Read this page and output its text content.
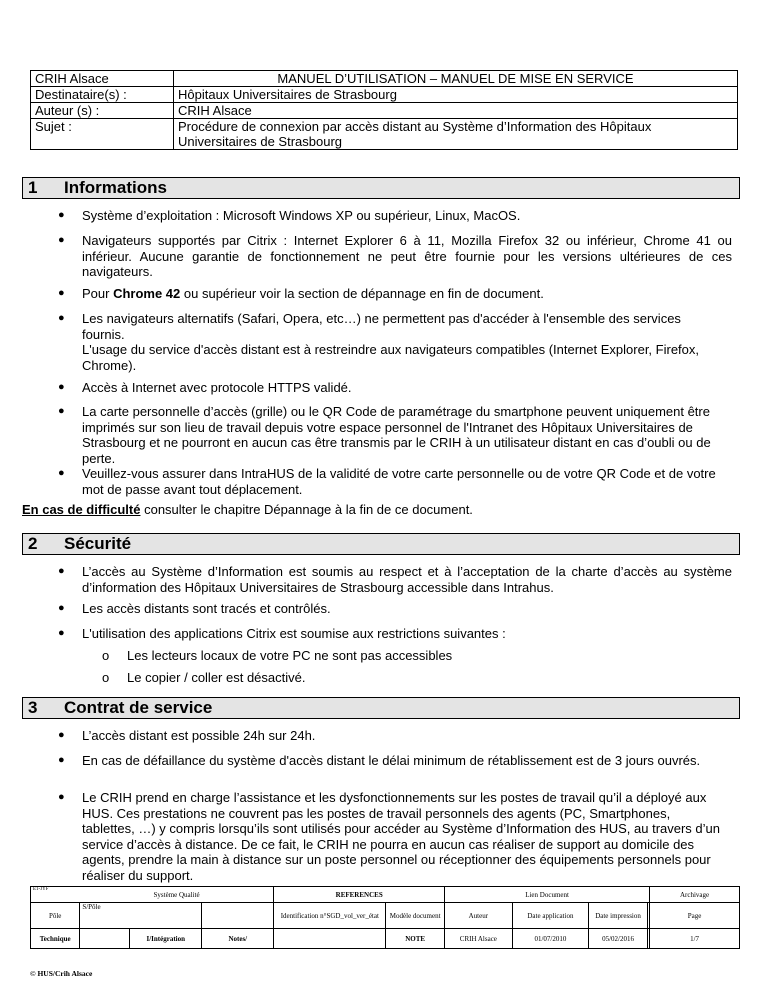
CRIH Alsace	MANUEL D’UTILISATION – MANUEL DE MISE EN SERVICE
Destinataire(s) :	Hôpitaux Universitaires de Strasbourg
Auteur (s) :	CRIH Alsace
Sujet :	Procédure de connexion par accès distant au Système d’Information des Hôpitaux Universitaires de Strasbourg
1 Informations
● Système d’exploitation : Microsoft Windows XP ou supérieur, Linux, MacOS.
● Navigateurs supportés par Citrix : Internet Explorer 6 à 11, Mozilla Firefox 32 ou inférieur, Chrome 41 ou inférieur. Aucune garantie de fonctionnement ne peut être fournie pour les versions ultérieures de ces navigateurs.
● Pour Chrome 42 ou supérieur voir la section de dépannage en fin de document.
● Les navigateurs alternatifs (Safari, Opera, etc…) ne permettent pas d'accéder à l'ensemble des services fournis.
L'usage du service d'accès distant est à restreindre aux navigateurs compatibles (Internet Explorer, Firefox, Chrome).
● Accès à Internet avec protocole HTTPS validé.
● La carte personnelle d’accès (grille) ou le QR Code de paramétrage du smartphone peuvent uniquement être imprimés sur son lieu de travail depuis votre espace personnel de l'Intranet des Hôpitaux Universitaires de Strasbourg et ne pourront en aucun cas être transmis par le CRIH à un utilisateur distant en cas d’oubli ou de perte.
● Veuillez-vous assurer dans IntraHUS de la validité de votre carte personnelle ou de votre QR Code et de votre mot de passe avant tout déplacement.
En cas de difficulté consulter le chapitre Dépannage à la fin de ce document.
2 Sécurité
● L’accès au Système d’Information est soumis au respect et à l’acceptation de la charte d’accès au système d’information des Hôpitaux Universitaires de Strasbourg accessible dans Intrahus.
● Les accès distants sont tracés et contrôlés.
● L'utilisation des applications Citrix est soumise aux restrictions suivantes :
o Les lecteurs locaux de votre PC ne sont pas accessibles
o Le copier / coller est désactivé.
3 Contrat de service
● L’accès distant est possible 24h sur 24h.
● En cas de défaillance du système d'accès distant le délai minimum de rétablissement est de 3 jours ouvrés.
● Le CRIH prend en charge l’assistance et les dysfonctionnements sur les postes de travail qu’il a déployé aux HUS. Ces prestations ne couvrent pas les postes de travail personnels des agents (PC, Smartphones, tablettes, …) y compris lorsqu’ils sont utilisés pour accéder au Système d’Information des HUS, au travers d’un service d’accès à distance. De ce fait, le CRIH ne pourra en aucun cas réaliser de support au domicile des agents, prendre la main à distance sur un poste personnel ou réceptionner des équipements personnels pour réaliser du support.
E1-JYF	Système Qualité			REFERENCES		Lien Document				Archivage
Pôle	S/Pôle			Identification n°SGD_vol_ver_état	Modèle document	Auteur	Date application	Date impression		Page
Technique		I/Intégration	Notes/		NOTE	CRIH Alsace	01/07/2010	05/02/2016		1/7
© HUS/Crih Alsace
